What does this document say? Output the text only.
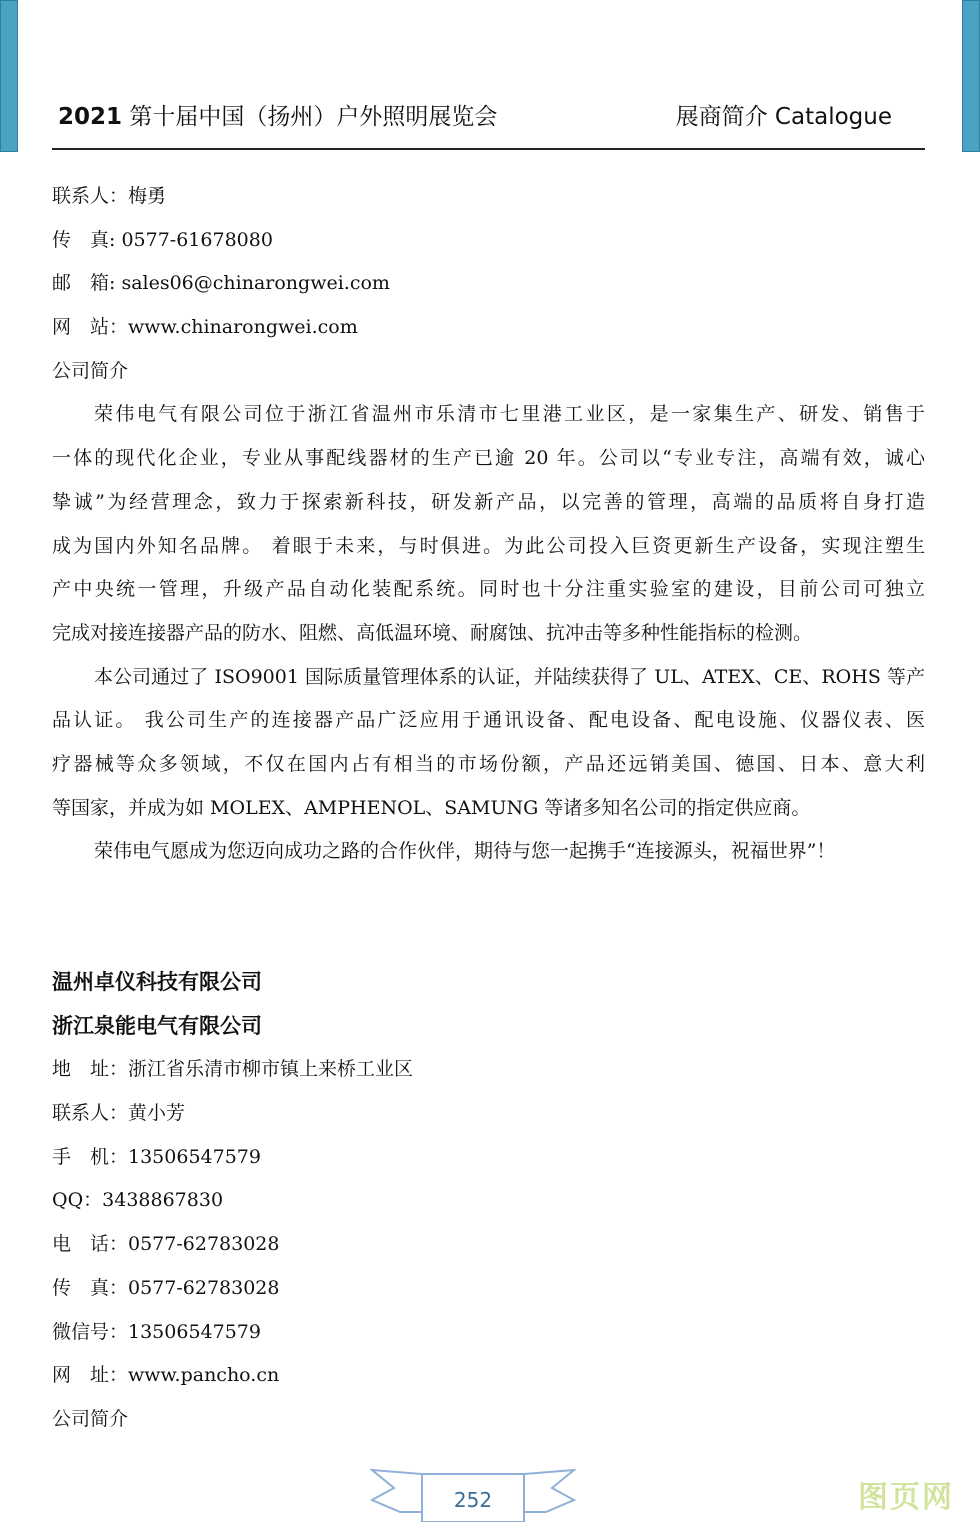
2021 第十届中国（扬州）户外照明展览会	展商简介 Catalogue
联系人：梅勇
传　真: 0577-61678080
邮　箱: sales06@chinarongwei.com
网　站：www.chinarongwei.com
公司简介
荣伟电气有限公司位于浙江省温州市乐清市七里港工业区，是一家集生产、研发、销售于
一体的现代化企业，专业从事配线器材的生产已逾 20 年。公司以“专业专注，高端有效，诚心
挚诚”为经营理念，致力于探索新科技，研发新产品，以完善的管理，高端的品质将自身打造
成为国内外知名品牌。 着眼于未来，与时俱进。为此公司投入巨资更新生产设备，实现注塑生
产中央统一管理，升级产品自动化装配系统。同时也十分注重实验室的建设，目前公司可独立
完成对接连接器产品的防水、阻燃、高低温环境、耐腐蚀、抗冲击等多种性能指标的检测。
本公司通过了 ISO9001 国际质量管理体系的认证，并陆续获得了 UL、ATEX、CE、ROHS 等产
品认证。 我公司生产的连接器产品广泛应用于通讯设备、配电设备、配电设施、仪器仪表、医
疗器械等众多领域，不仅在国内占有相当的市场份额，产品还远销美国、德国、日本、意大利
等国家，并成为如 MOLEX、AMPHENOL、SAMUNG 等诸多知名公司的指定供应商。
荣伟电气愿成为您迈向成功之路的合作伙伴，期待与您一起携手“连接源头，祝福世界”！
温州卓仪科技有限公司
浙江泉能电气有限公司
地　址：浙江省乐清市柳市镇上来桥工业区
联系人：黄小芳
手　机：13506547579
QQ：3438867830
电　话：0577-62783028
传　真：0577-62783028
微信号：13506547579
网　址：www.pancho.cn
公司简介
252	图页网
